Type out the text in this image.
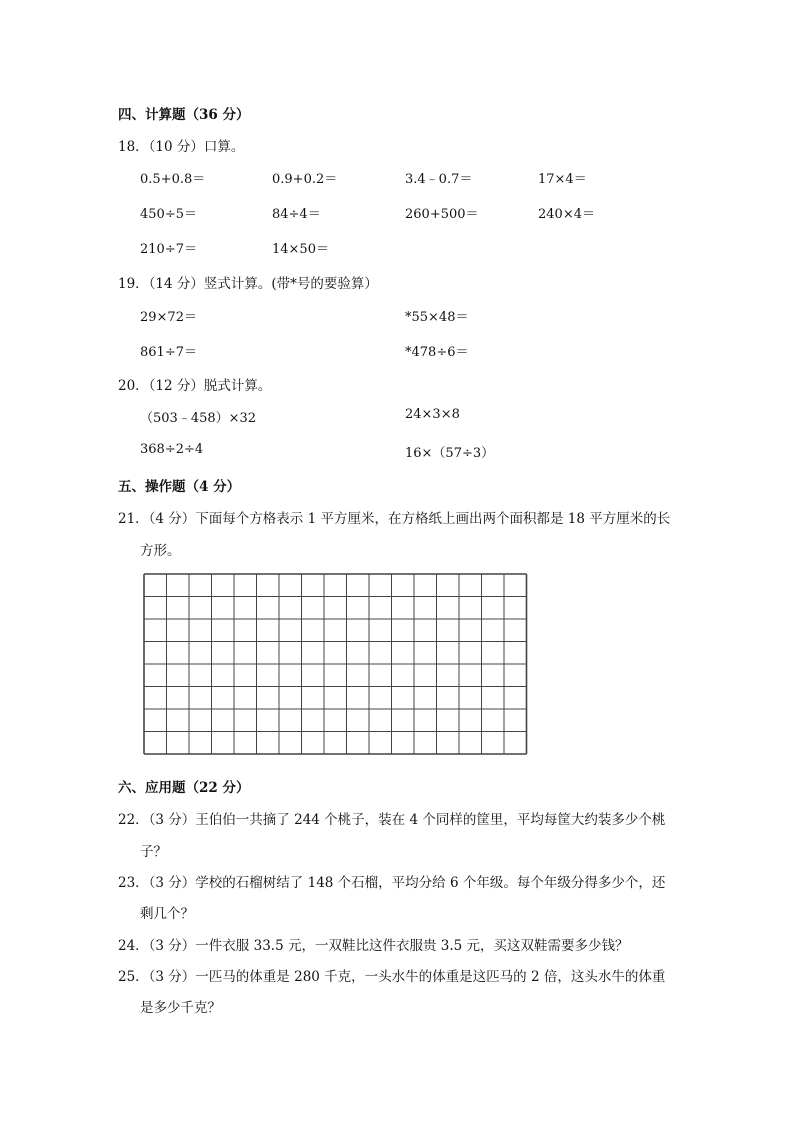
四、计算题（36 分）
18．（10 分）口算。
0.5+0.8＝	0.9+0.2＝	3.4﹣0.7＝	17×4＝
450÷5＝	84÷4＝	260+500＝	240×4＝
210÷7＝	14×50＝
19．（14 分）竖式计算。(带*号的要验算）
29×72＝	*55×48＝
861÷7＝	*478÷6＝
20．（12 分）脱式计算。
（503﹣458）×32	24×3×8
368÷2÷4	16×（57÷3）
五、操作题（4 分）
21．（4 分）下面每个方格表示 1 平方厘米，在方格纸上画出两个面积都是 18 平方厘米的长
方形。
六、应用题（22 分）
22．（3 分）王伯伯一共摘了 244 个桃子，装在 4 个同样的筐里，平均每筐大约装多少个桃
子？
23．（3 分）学校的石榴树结了 148 个石榴，平均分给 6 个年级。每个年级分得多少个，还
剩几个？
24．（3 分）一件衣服 33.5 元，一双鞋比这件衣服贵 3.5 元，买这双鞋需要多少钱？
25．（3 分）一匹马的体重是 280 千克，一头水牛的体重是这匹马的 2 倍，这头水牛的体重
是多少千克？
